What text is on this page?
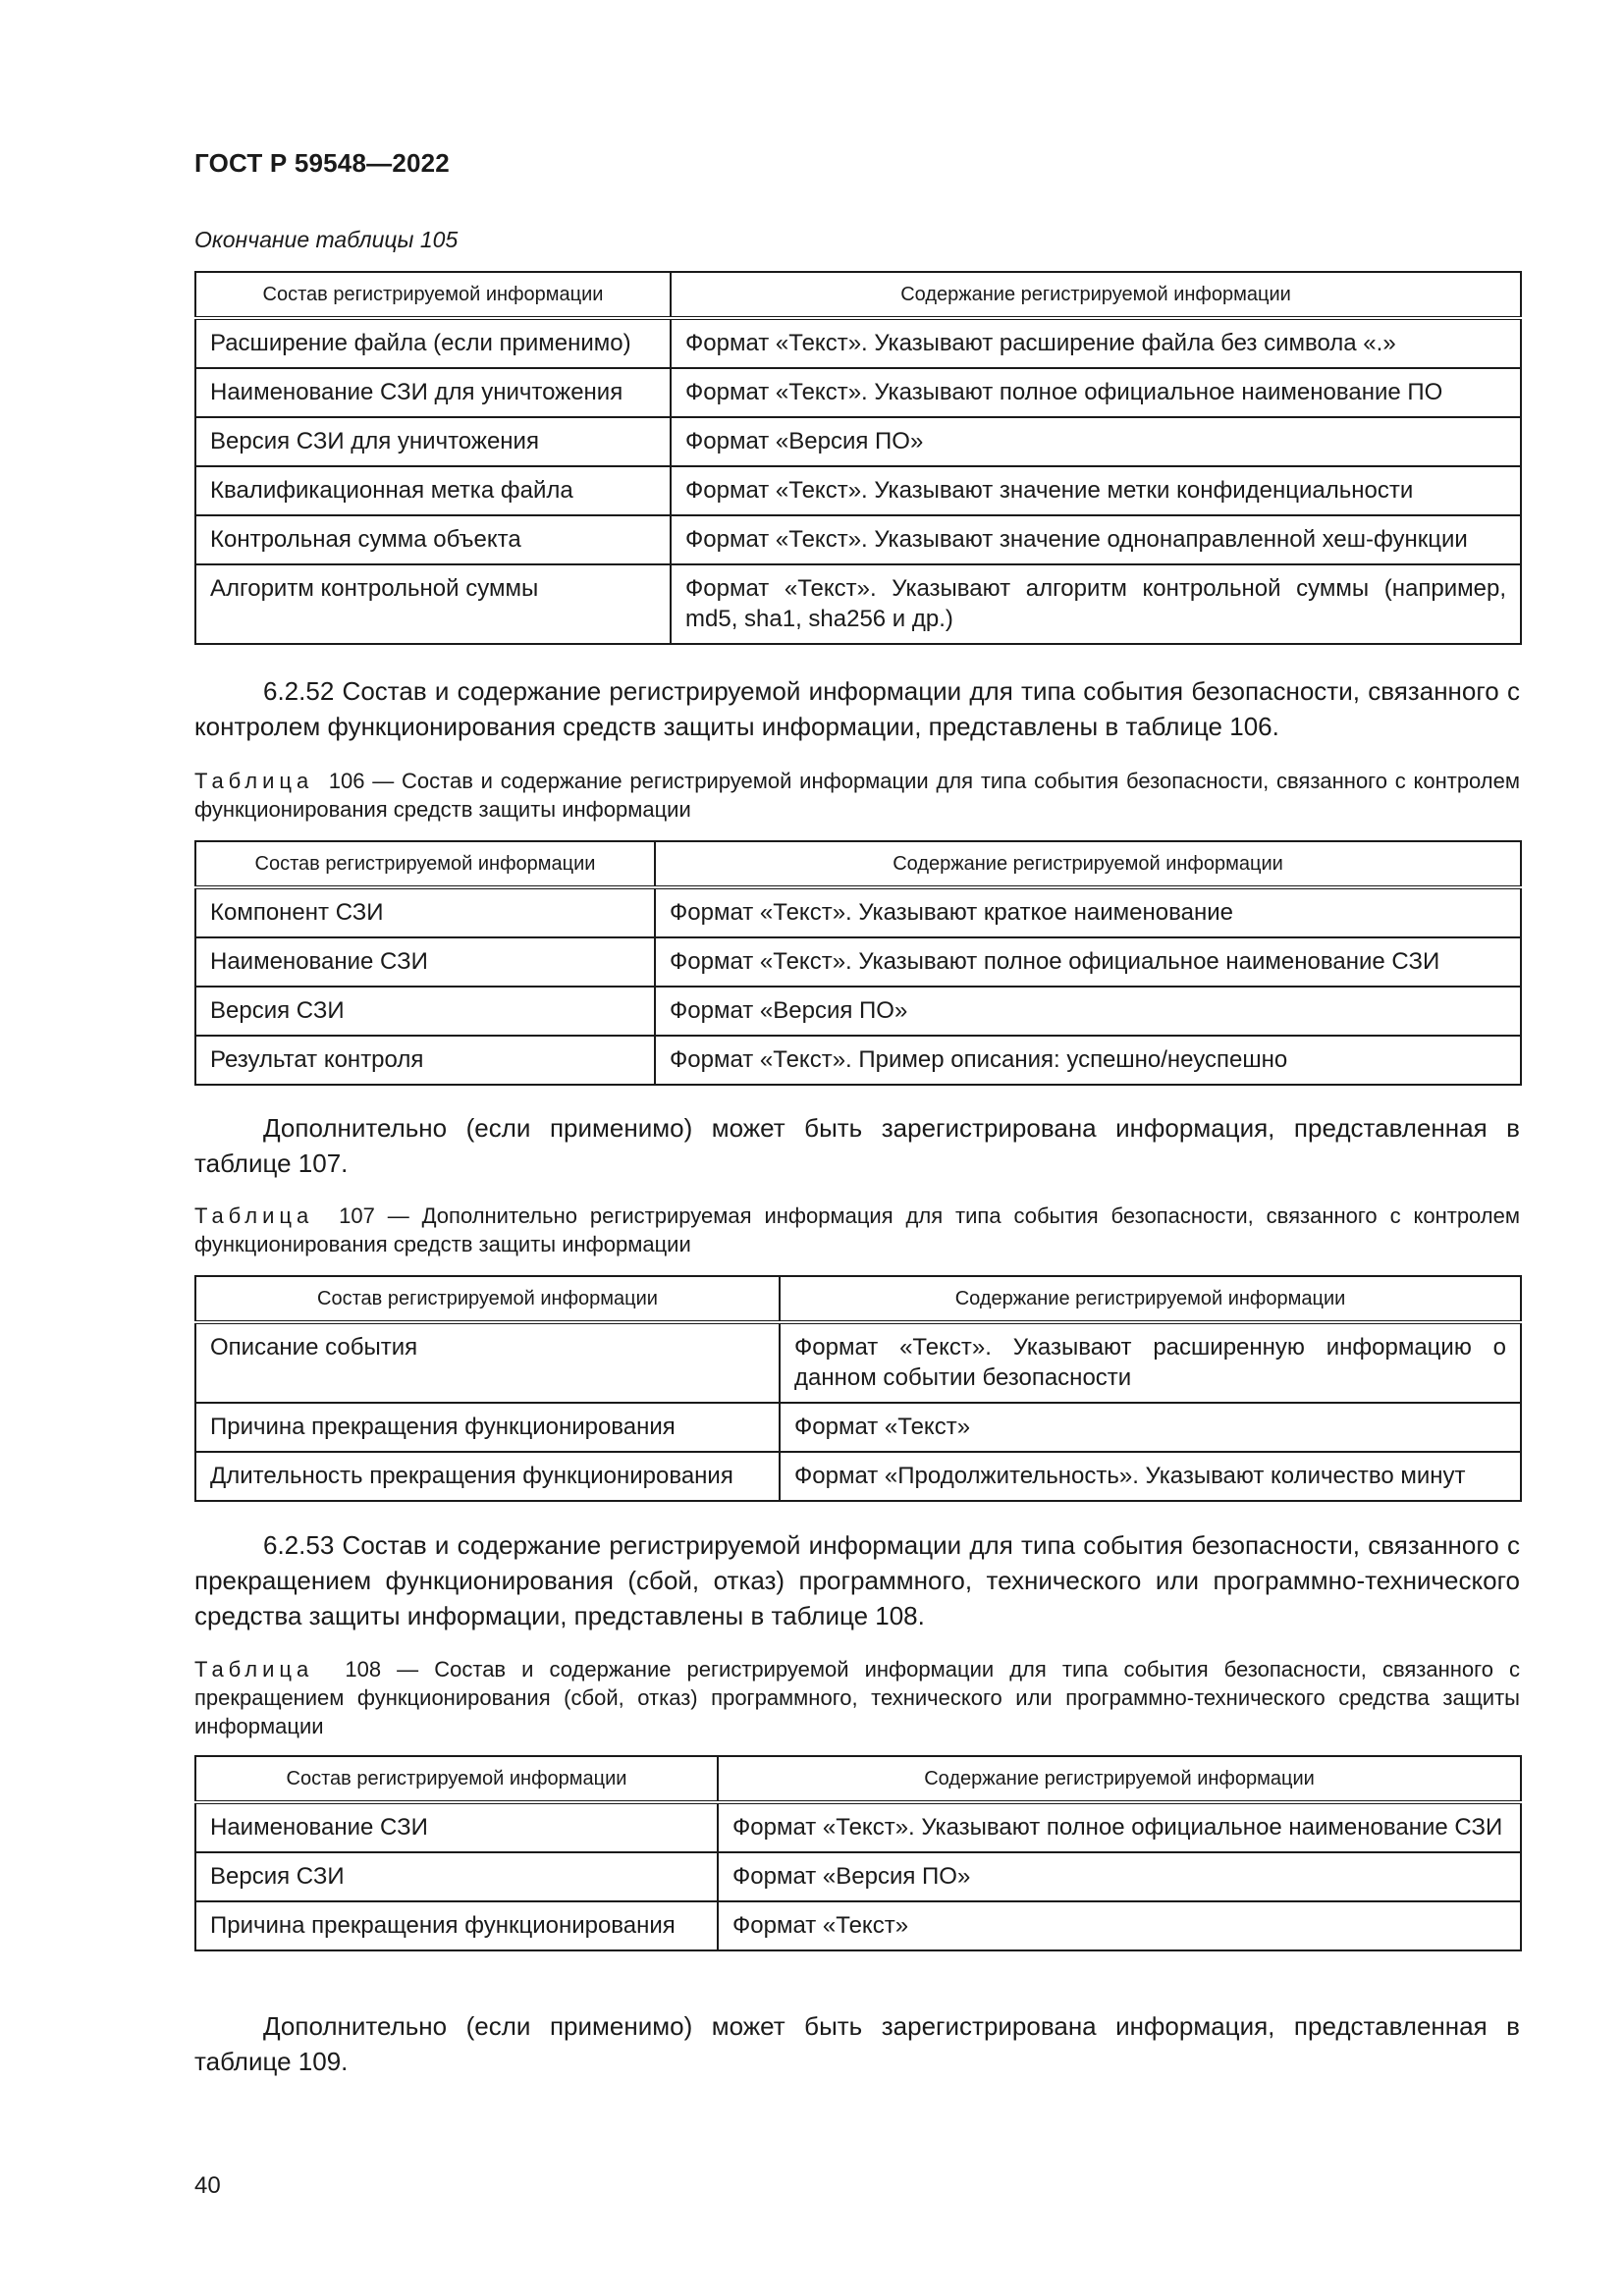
ГОСТ Р 59548—2022
Окончание таблицы 105
Состав регистрируемой информации	Содержание регистрируемой информации
Расширение файла (если применимо)	Формат «Текст». Указывают расширение файла без символа «.»
Наименование СЗИ для уничтожения	Формат «Текст». Указывают полное официальное наименование ПО
Версия СЗИ для уничтожения	Формат «Версия ПО»
Квалификационная метка файла	Формат «Текст». Указывают значение метки конфиденциальности
Контрольная сумма объекта	Формат «Текст». Указывают значение однонаправленной хеш-функции
Алгоритм контрольной суммы	Формат «Текст». Указывают алгоритм контрольной суммы (например, md5, sha1, sha256 и др.)
6.2.52 Состав и содержание регистрируемой информации для типа события безопасности, связанного с контролем функционирования средств защиты информации, представлены в таблице 106.
Таблица 106 — Состав и содержание регистрируемой информации для типа события безопасности, связанного с контролем функционирования средств защиты информации
Состав регистрируемой информации	Содержание регистрируемой информации
Компонент СЗИ	Формат «Текст». Указывают краткое наименование
Наименование СЗИ	Формат «Текст». Указывают полное официальное наименование СЗИ
Версия СЗИ	Формат «Версия ПО»
Результат контроля	Формат «Текст». Пример описания: успешно/неуспешно
Дополнительно (если применимо) может быть зарегистрирована информация, представленная в таблице 107.
Таблица 107 — Дополнительно регистрируемая информация для типа события безопасности, связанного с контролем функционирования средств защиты информации
Состав регистрируемой информации	Содержание регистрируемой информации
Описание события	Формат «Текст». Указывают расширенную информацию о данном событии безопасности
Причина прекращения функционирования	Формат «Текст»
Длительность прекращения функционирования	Формат «Продолжительность». Указывают количество минут
6.2.53 Состав и содержание регистрируемой информации для типа события безопасности, связанного с прекращением функционирования (сбой, отказ) программного, технического или программно-технического средства защиты информации, представлены в таблице 108.
Таблица 108 — Состав и содержание регистрируемой информации для типа события безопасности, связанного с прекращением функционирования (сбой, отказ) программного, технического или программно-технического средства защиты информации
Состав регистрируемой информации	Содержание регистрируемой информации
Наименование СЗИ	Формат «Текст». Указывают полное официальное наименование СЗИ
Версия СЗИ	Формат «Версия ПО»
Причина прекращения функционирования	Формат «Текст»
Дополнительно (если применимо) может быть зарегистрирована информация, представленная в таблице 109.
40
